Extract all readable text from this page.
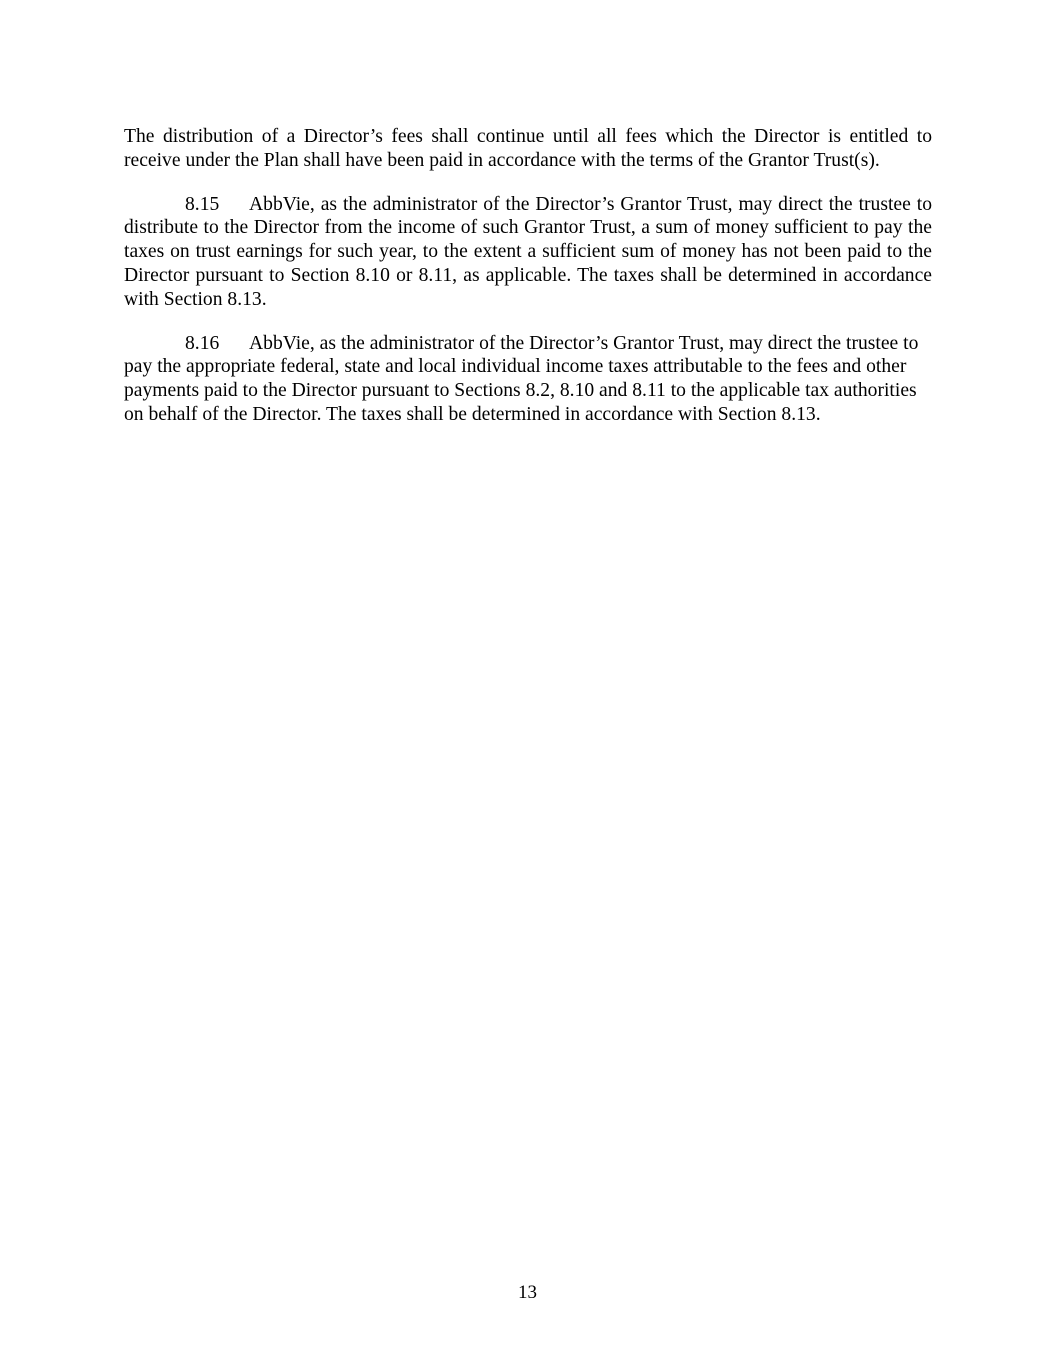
The distribution of a Director’s fees shall continue until all fees which the Director is entitled to receive under the Plan shall have been paid in accordance with the terms of the Grantor Trust(s).

8.15 AbbVie, as the administrator of the Director’s Grantor Trust, may direct the trustee to distribute to the Director from the income of such Grantor Trust, a sum of money sufficient to pay the taxes on trust earnings for such year, to the extent a sufficient sum of money has not been paid to the Director pursuant to Section 8.10 or 8.11, as applicable. The taxes shall be determined in accordance with Section 8.13.

8.16 AbbVie, as the administrator of the Director’s Grantor Trust, may direct the trustee to pay the appropriate federal, state and local individual income taxes attributable to the fees and other payments paid to the Director pursuant to Sections 8.2, 8.10 and 8.11 to the applicable tax authorities on behalf of the Director. The taxes shall be determined in accordance with Section 8.13.

13
